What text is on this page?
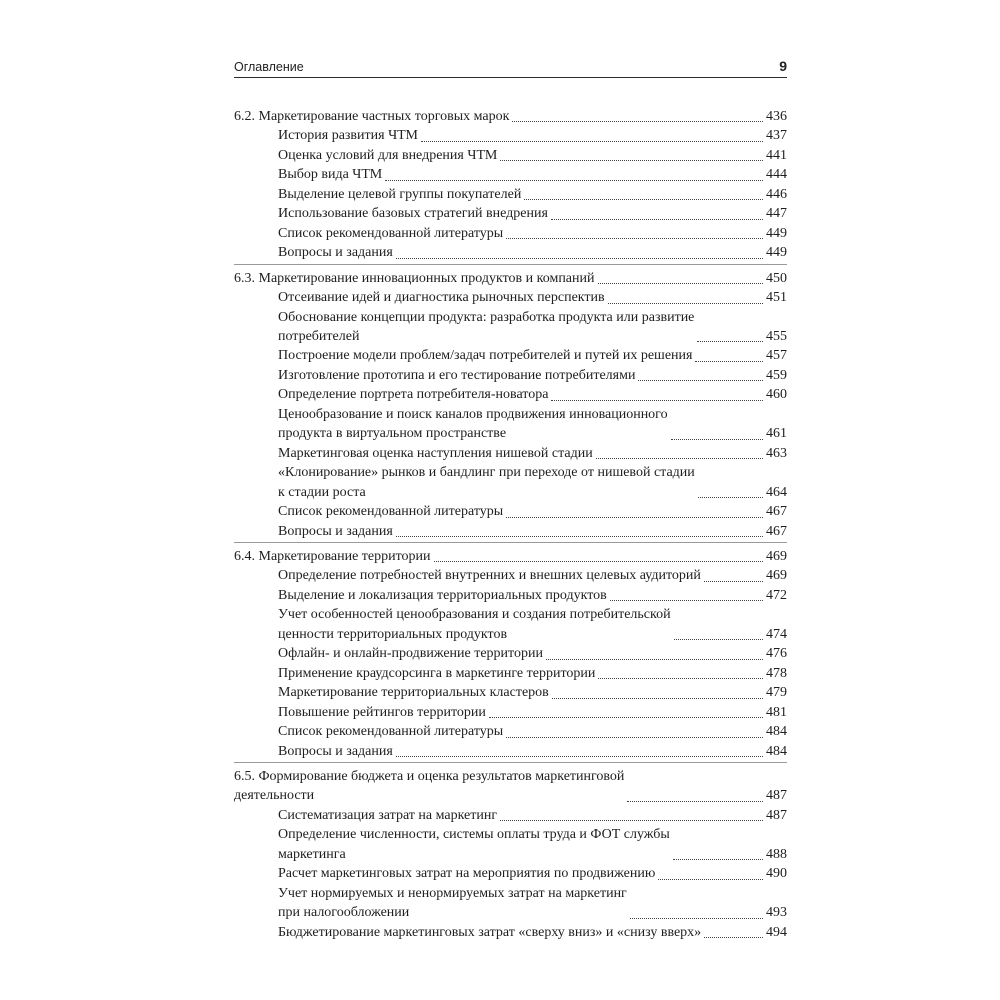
Оглавление	9
6.2. Маркетирование частных торговых марок	436
История развития ЧТМ	437
Оценка условий для внедрения ЧТМ	441
Выбор вида ЧТМ	444
Выделение целевой группы покупателей	446
Использование базовых стратегий внедрения	447
Список рекомендованной литературы	449
Вопросы и задания	449
6.3. Маркетирование инновационных продуктов и компаний	450
Отсеивание идей и диагностика рыночных перспектив	451
Обоснование концепции продукта: разработка продукта или развитие
потребителей	455
Построение модели проблем/задач потребителей и путей их решения	457
Изготовление прототипа и его тестирование потребителями	459
Определение портрета потребителя-новатора	460
Ценообразование и поиск каналов продвижения инновационного
продукта в виртуальном пространстве	461
Маркетинговая оценка наступления нишевой стадии	463
«Клонирование» рынков и бандлинг при переходе от нишевой стадии
к стадии роста	464
Список рекомендованной литературы	467
Вопросы и задания	467
6.4. Маркетирование территории	469
Определение потребностей внутренних и внешних целевых аудиторий	469
Выделение и локализация территориальных продуктов	472
Учет особенностей ценообразования и создания потребительской
ценности территориальных продуктов	474
Офлайн- и онлайн-продвижение территории	476
Применение краудсорсинга в маркетинге территории	478
Маркетирование территориальных кластеров	479
Повышение рейтингов территории	481
Список рекомендованной литературы	484
Вопросы и задания	484
6.5. Формирование бюджета и оценка результатов маркетинговой
деятельности	487
Систематизация затрат на маркетинг	487
Определение численности, системы оплаты труда и ФОТ службы
маркетинга	488
Расчет маркетинговых затрат на мероприятия по продвижению	490
Учет нормируемых и ненормируемых затрат на маркетинг
при налогообложении	493
Бюджетирование маркетинговых затрат «сверху вниз» и «снизу вверх»	494
